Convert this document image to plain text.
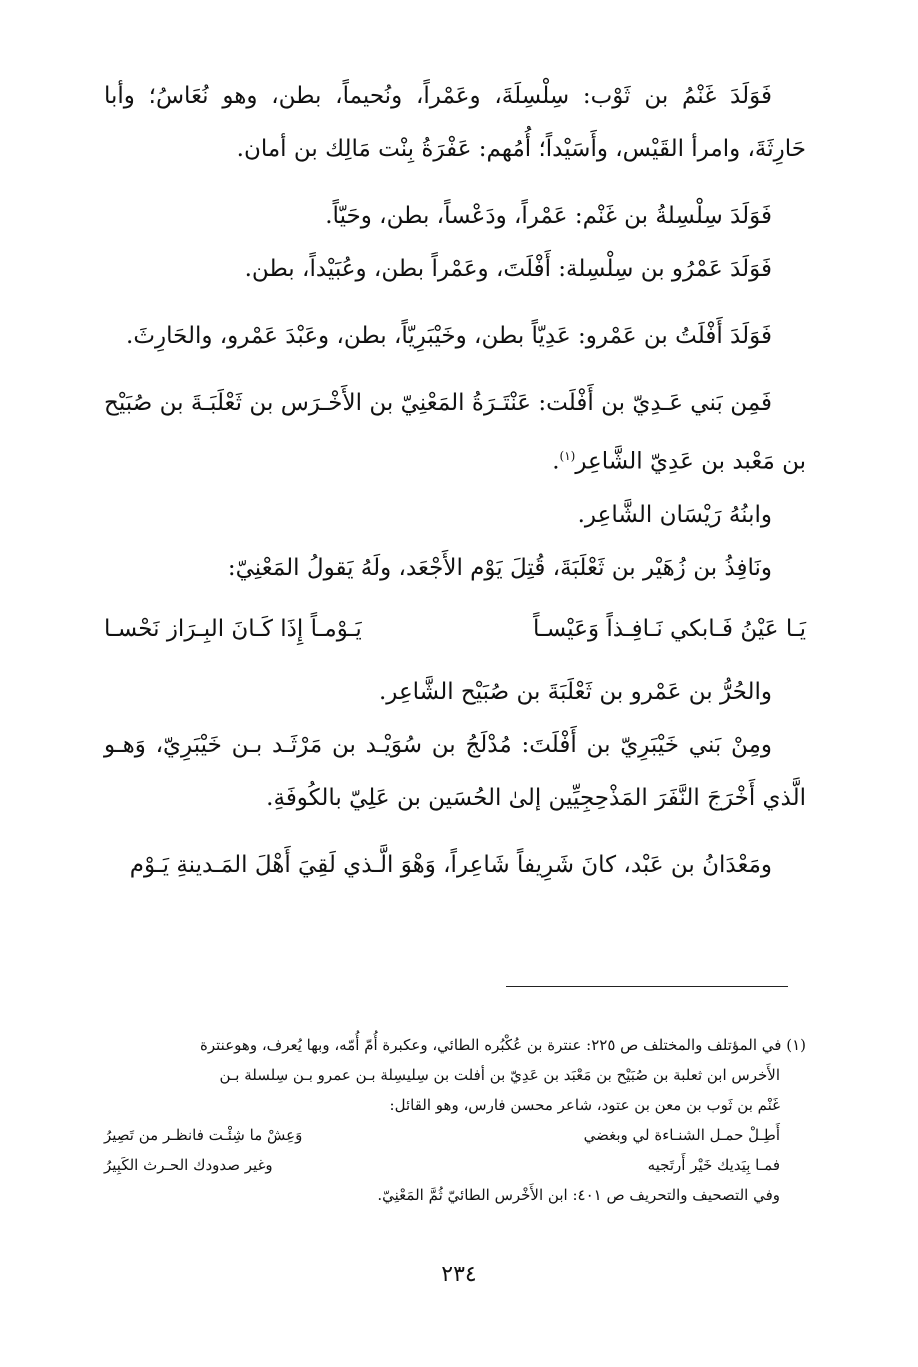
فَوَلَدَ غَنْمُ بن ثَوْب: سِلْسِلَةَ، وعَمْراً، ونُحيماً، بطن، وهو نُعَاسُ؛ وأبا حَارِثَةَ، وامرأ القَيْس، وأَسَيْداً؛ أُمُهم: عَفْرَةُ بِنْت مَالِك بن أمان.

فَوَلَدَ سِلْسِلةُ بن غَنْم: عَمْراً، ودَعْساً، بطن، وحَيّاً.

فَوَلَدَ عَمْرُو بن سِلْسِلة: أَفْلَتَ، وعَمْراً بطن، وعُبَيْداً، بطن.

فَوَلَدَ أَفْلَتُ بن عَمْرو: عَدِيّاً بطن، وخَيْبَرِيّاً، بطن، وعَبْدَ عَمْرو، والحَارِثَ.

فَمِن بَني عَـدِيّ بن أَفْلَت: عَنْتَـرَةُ المَعْنِيّ بن الأَخْـرَس بن ثَعْلَبَـةَ بن صُبَيْح بن مَعْبد بن عَدِيّ الشَّاعِر$^{(١)}$.

وابنُهُ رَيْسَان الشَّاعِر.

ونَافِذُ بن زُهَيْر بن ثَعْلَبَةَ، قُتِلَ يَوْم الأَجْعَد، ولَهُ يَقولُ المَعْنِيّ:

يَـا عَيْنُ فَـابكي نَـافِـذاً وَعَيْسـاً
يَـوْمـاً إِذَا كَـانَ البِـرَاز نَحْسـا

والحُرُّ بن عَمْرو بن ثَعْلَبَةَ بن صُبَيْح الشَّاعِر.

ومِنْ بَني خَيْبَرِيّ بن أَفْلَتَ: مُدْلَجُ بن سُوَيْـد بن مَرْثَـد بـن خَيْبَرِيّ، وَهـو الَّذي أَخْرَجَ النَّفَرَ المَذْحِجِيِّين إلىٰ الحُسَين بن عَلِيّ بالكُوفَةِ.

ومَعْدَانُ بن عَبْد، كانَ شَرِيفاً شَاعِراً، وَهْوَ الَّـذي لَقِيَ أَهْلَ المَـدينةِ يَـوْم

(١) في المؤتلف والمختلف ص ٢٢٥: عنترة بن عُكْبُره الطائي، وعكبرة أُمّ أُمّه، وبها يُعرف، وهوعنترة

الأَخرس ابن ثعلبة بن صُبَيْح بن مَعْبَد بن عَدِيّ بن أفلت بن سِليسِلة بـن عمرو بـن سِلسلة بـن

غَنْم بن ثَوب بن معن بن عتود، شاعر محسن فارس، وهو القائل:

أَطِـلْ حمـل الشنـاءة لي وبغضي
وَعِشْ ما شِئْـت فانظـر من تَصِيرُ
فمـا بِيَديك خَيْر أَرتَجيه
وغير صدودك الحـرث الكَبِيرُ

وفي التصحيف والتحريف ص ٤٠١: ابن الأَخْرس الطائيّ ثُمَّ المَعْنِيّ.

٢٣٤
